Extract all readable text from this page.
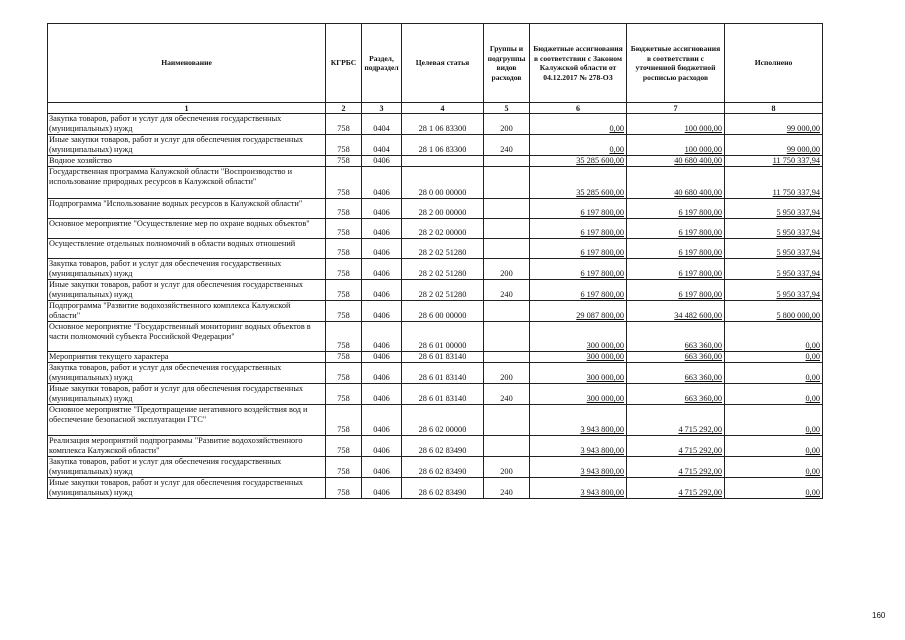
Наименование	КГРБС	Раздел, подраздел	Целевая статья	Группы и подгруппы видов расходов	Бюджетные ассигнования в соответствии с Законом Калужской области от 04.12.2017 № 278-ОЗ	Бюджетные ассигнования в соответствии с уточненной бюджетной росписью расходов	Исполнено
1	2	3	4	5	6	7	8
Закупка товаров, работ и услуг для обеспечения государственных (муниципальных) нужд	758	0404	28 1 06 83300	200	0,00	100 000,00	99 000,00
Иные закупки товаров, работ и услуг для обеспечения государственных (муниципальных) нужд	758	0404	28 1 06 83300	240	0,00	100 000,00	99 000,00
Водное хозяйство	758	0406			35 285 600,00	40 680 400,00	11 750 337,94
Государственная программа Калужской области "Воспроизводство и использование природных ресурсов в Калужской области"	758	0406	28 0 00 00000		35 285 600,00	40 680 400,00	11 750 337,94
Подпрограмма "Использование водных ресурсов в Калужской области"	758	0406	28 2 00 00000		6 197 800,00	6 197 800,00	5 950 337,94
Основное мероприятие "Осуществление мер по охране водных объектов"	758	0406	28 2 02 00000		6 197 800,00	6 197 800,00	5 950 337,94
Осуществление отдельных полномочий в области водных отношений	758	0406	28 2 02 51280		6 197 800,00	6 197 800,00	5 950 337,94
Закупка товаров, работ и услуг для обеспечения государственных (муниципальных) нужд	758	0406	28 2 02 51280	200	6 197 800,00	6 197 800,00	5 950 337,94
Иные закупки товаров, работ и услуг для обеспечения государственных (муниципальных) нужд	758	0406	28 2 02 51280	240	6 197 800,00	6 197 800,00	5 950 337,94
Подпрограмма "Развитие водохозяйственного комплекса Калужской области"	758	0406	28 6 00 00000		29 087 800,00	34 482 600,00	5 800 000,00
Основное мероприятие "Государственный мониторинг водных объектов в части полномочий субъекта Российской Федерации"	758	0406	28 6 01 00000		300 000,00	663 360,00	0,00
Мероприятия текущего характера	758	0406	28 6 01 83140		300 000,00	663 360,00	0,00
Закупка товаров, работ и услуг для обеспечения государственных (муниципальных) нужд	758	0406	28 6 01 83140	200	300 000,00	663 360,00	0,00
Иные закупки товаров, работ и услуг для обеспечения государственных (муниципальных) нужд	758	0406	28 6 01 83140	240	300 000,00	663 360,00	0,00
Основное мероприятие "Предотвращение негативного воздействия вод и обеспечение безопасной эксплуатации ГТС"	758	0406	28 6 02 00000		3 943 800,00	4 715 292,00	0,00
Реализация мероприятий подпрограммы "Развитие водохозяйственного комплекса Калужской области"	758	0406	28 6 02 83490		3 943 800,00	4 715 292,00	0,00
Закупка товаров, работ и услуг для обеспечения государственных (муниципальных) нужд	758	0406	28 6 02 83490	200	3 943 800,00	4 715 292,00	0,00
Иные закупки товаров, работ и услуг для обеспечения государственных (муниципальных) нужд	758	0406	28 6 02 83490	240	3 943 800,00	4 715 292,00	0,00
160
